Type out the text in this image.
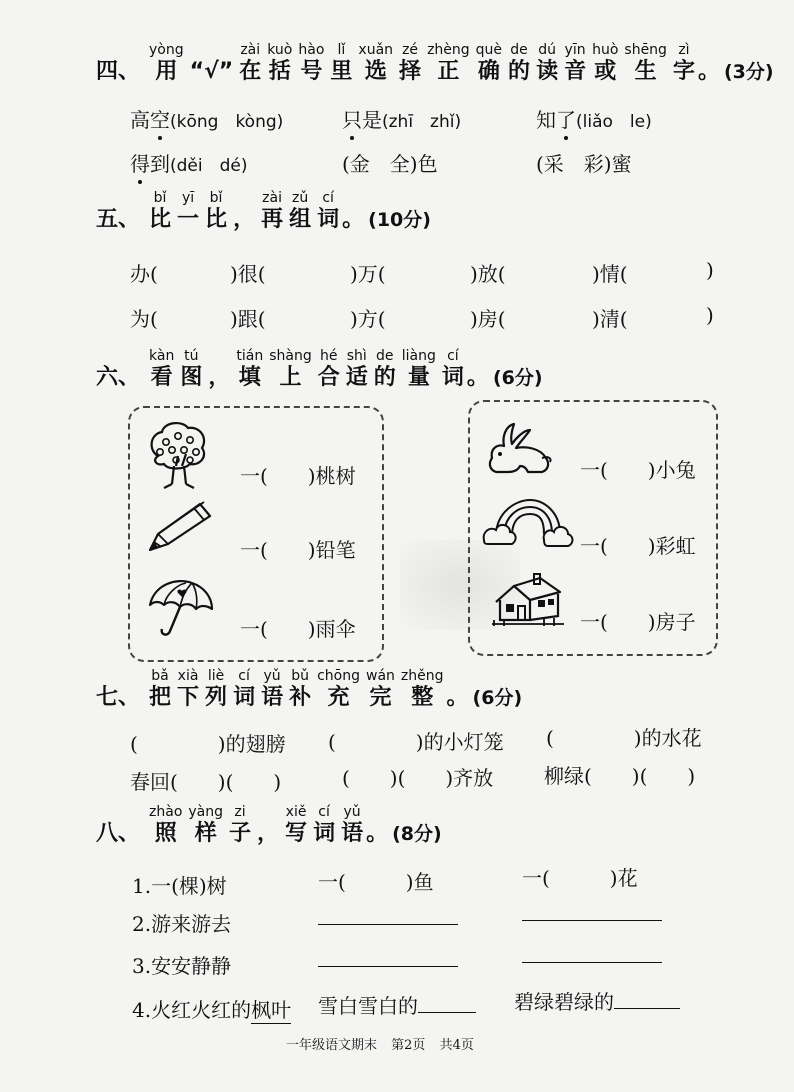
四、
yòng
用 “√”
zài
在
kuò
括
hào
号
lǐ
里
xuǎn
选
zé
择
zhèng
正
què
确
de
的
dú
读
yīn
音
huò
或
shēng
生
zì
字 。 (3分)
高空(kōng　kòng)	只是(zhī　zhǐ)	知了(liǎo　le)
得到(děi　dé)	(金　全)色	(采　彩)蜜
五、
bǐ
比
yī
一
bǐ
比 ，
zài
再
zǔ
组
cí
词 。 (10分)
办(	)很(	)万(	)放(	)情(	)
为(	)跟(	)方(	)房(	)清(	)
六、
kàn
看
tú
图 ，
tián
填
shàng
上
hé
合
shì
适
de
的
liàng
量
cí
词 。 (6分)
一(　　)桃树
一(　　)铅笔
一(　　)雨伞
一(　　)小兔
一(　　)彩虹
一(　　)房子
七、
bǎ
把
xià
下
liè
列
cí
词
yǔ
语
bǔ
补
chōng
充
wán
完
zhěng
整 。 (6分)
(　　　　)的翅膀 (　　　　)的小灯笼 (　　　　)的水花
春回(　　)(　　)	(　　)(　　)齐放	柳绿(　　)(　　)
八、
zhào
照
yàng
样
zi
子 ，
xiě
写
cí
词
yǔ
语 。 (8分)
1.一(棵)树	一(　　　)鱼	一(　　　)花
2.游来游去
3.安安静静
4.火红火红的枫叶 雪白雪白的	碧绿碧绿的
一年级语文期末 第2页 共4页
